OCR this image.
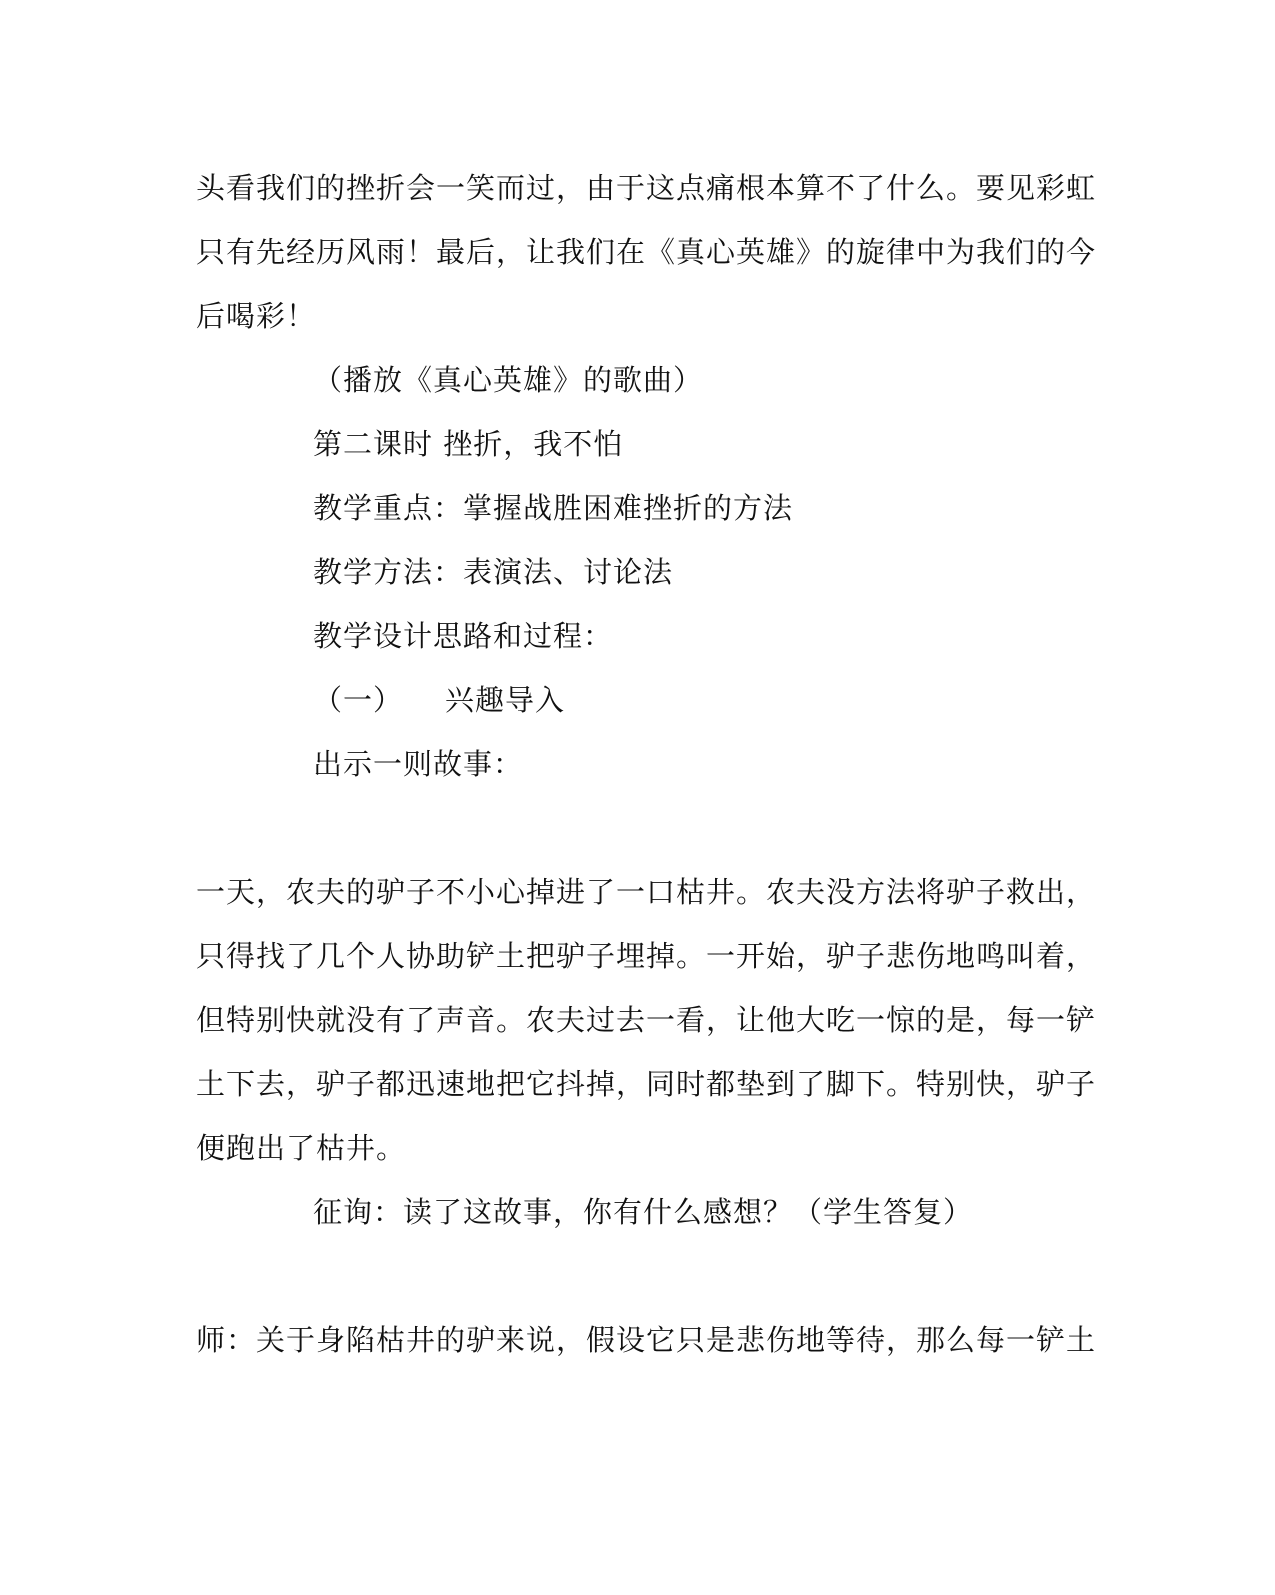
头看我们的挫折会一笑而过，由于这点痛根本算不了什么。要见彩虹
只有先经历风雨！最后，让我们在《真心英雄》的旋律中为我们的今
后喝彩！
（播放《真心英雄》的歌曲）
第二课时 挫折，我不怕
教学重点：掌握战胜困难挫折的方法
教学方法：表演法、讨论法
教学设计思路和过程：
（一） 兴趣导入
出示一则故事：
一天，农夫的驴子不小心掉进了一口枯井。农夫没方法将驴子救出，
只得找了几个人协助铲土把驴子埋掉。一开始，驴子悲伤地鸣叫着，
但特别快就没有了声音。农夫过去一看，让他大吃一惊的是，每一铲
土下去，驴子都迅速地把它抖掉，同时都垫到了脚下。特别快，驴子
便跑出了枯井。
征询：读了这故事，你有什么感想？（学生答复）
师：关于身陷枯井的驴来说，假设它只是悲伤地等待，那么每一铲土
